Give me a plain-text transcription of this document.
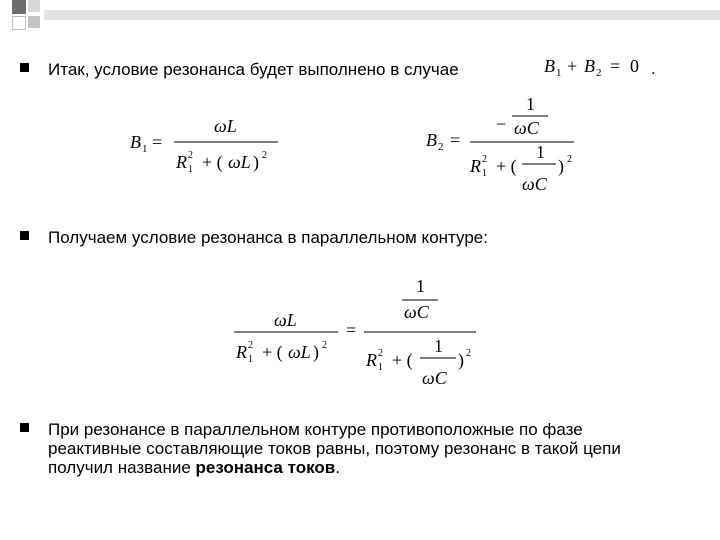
Итак, условие резонанса будет выполнено в случае	B 1 + B 2 = 0 .
B 1 =
ωL
R 2
1 + ( ωL ) 2
B 2 =
−
1
ωC
R 2
1 + (
1
ωC
) 2
Получаем условие резонанса в параллельном контуре:
ωL
R 2
1 + ( ωL ) 2
=
1
ωC
R 2
1 + (
1
ωC
) 2
При резонансе в параллельном контуре противоположные по фазе реактивные составляющие токов равны, поэтому резонанс в такой цепи получил название резонанса токов.
